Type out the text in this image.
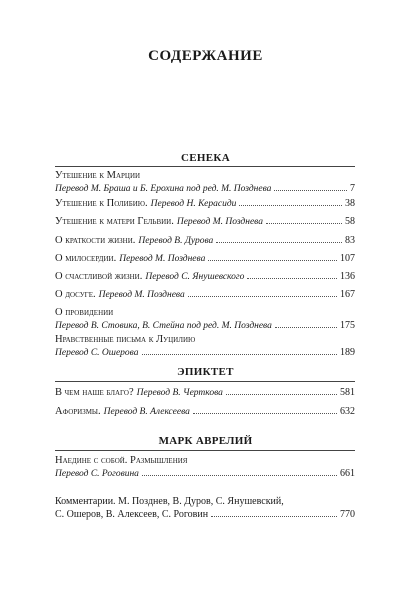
СОДЕРЖАНИЕ
СЕНЕКА
Утешение к Марции
Перевод М. Браша и Б. Ерохина под ред. М. Позднева	7
Утешение к Полибию. Перевод Н. Керасиди	38
Утешение к матери Гельвии. Перевод М. Позднева	58
О краткости жизни. Перевод В. Дурова	83
О милосердии. Перевод М. Позднева	107
О счастливой жизни. Перевод С. Янушевского	136
О досуге. Перевод М. Позднева	167
О провидении
Перевод В. Стовика, В. Стейна под ред. М. Позднева	175
Нравственные письма к Луцилию
Перевод С. Ошерова	189
ЭПИКТЕТ
В чем наше благо? Перевод В. Черткова	581
Афоризмы. Перевод В. Алексеева	632
МАРК АВРЕЛИЙ
Наедине с собой. Размышления
Перевод С. Роговина	661
Комментарии. М. Позднев, В. Дуров, С. Янушевский,
С. Ошеров, В. Алексеев, С. Роговин	770
